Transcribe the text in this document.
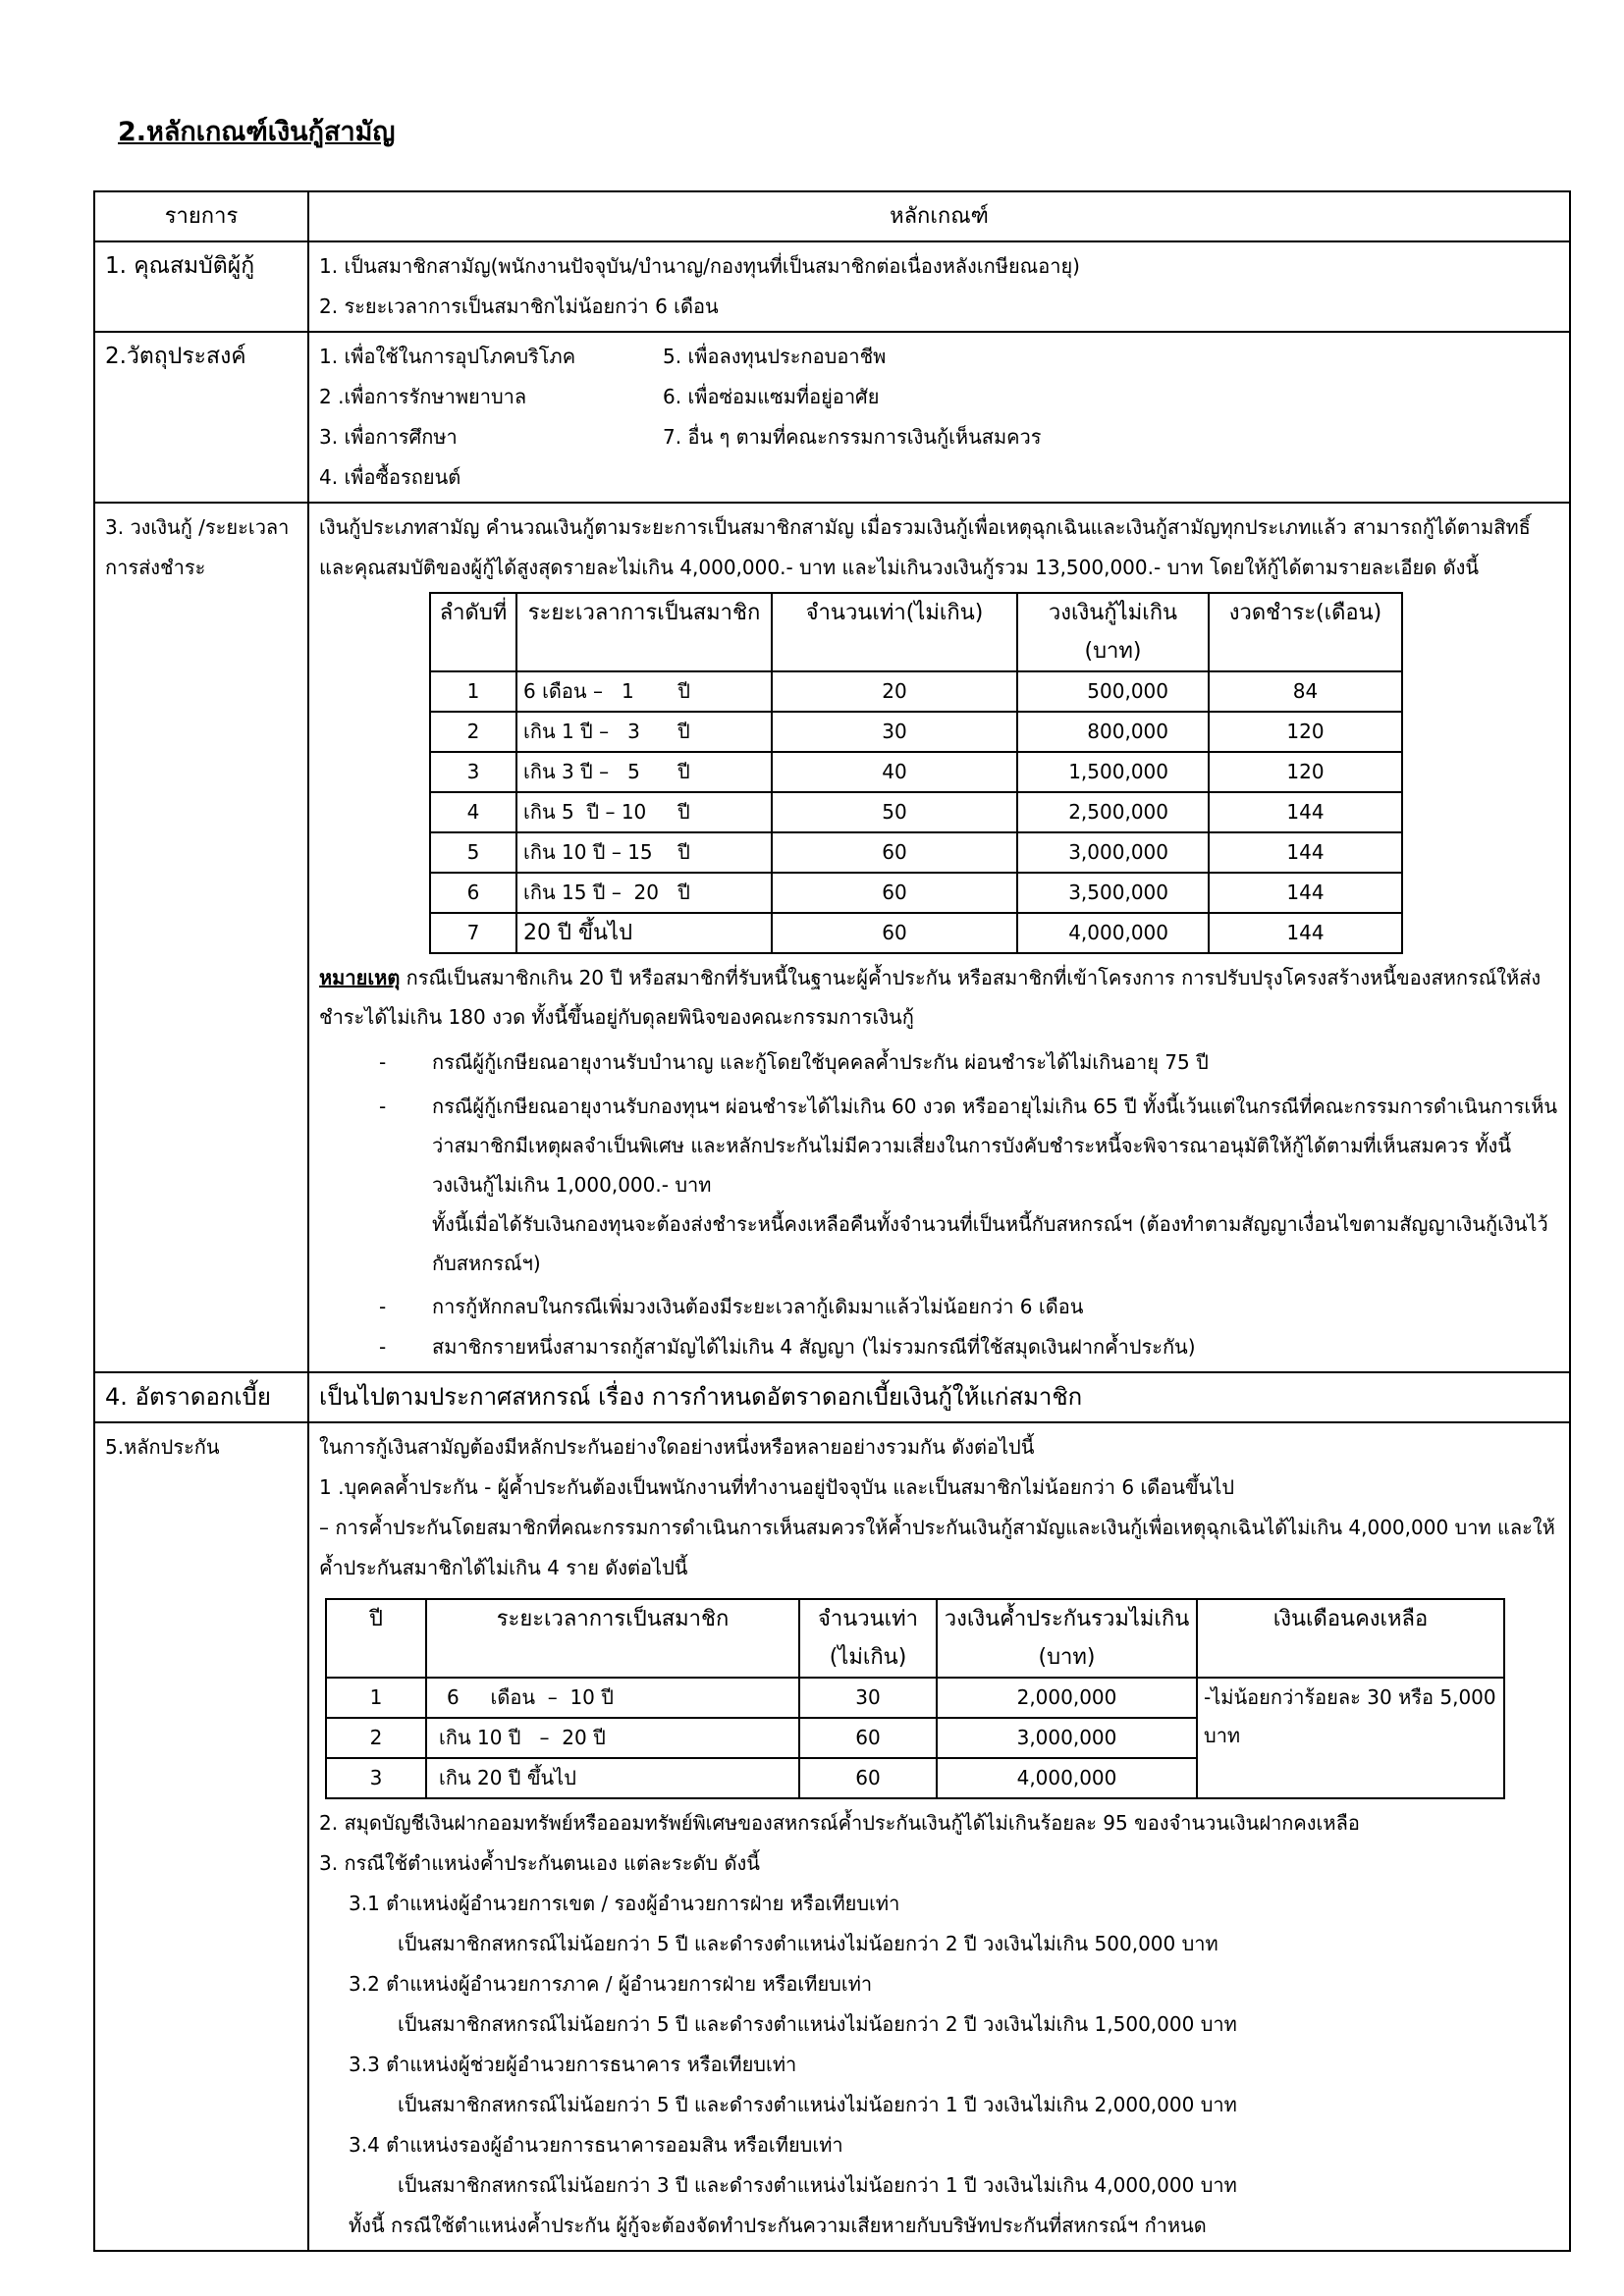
2.หลักเกณฑ์เงินกู้สามัญ
รายการ	หลักเกณฑ์
1. คุณสมบัติผู้กู้	1. เป็นสมาชิกสามัญ(พนักงานปัจจุบัน/บำนาญ/กองทุนที่เป็นสมาชิกต่อเนื่องหลังเกษียณอายุ)
2. ระยะเวลาการเป็นสมาชิกไม่น้อยกว่า 6 เดือน

2.วัตถุประสงค์	1. เพื่อใช้ในการอุปโภคบริโภค	5. เพื่อลงทุนประกอบอาชีพ
2 .เพื่อการรักษาพยาบาล	6. เพื่อซ่อมแซมที่อยู่อาศัย
3. เพื่อการศึกษา	7. อื่น ๆ ตามที่คณะกรรมการเงินกู้เห็นสมควร
4. เพื่อซื้อรถยนต์

3. วงเงินกู้ /ระยะเวลาการส่งชำระ	
เงินกู้ประเภทสามัญ คำนวณเงินกู้ตามระยะการเป็นสมาชิกสามัญ เมื่อรวมเงินกู้เพื่อเหตุฉุกเฉินและเงินกู้สามัญทุกประเภทแล้ว สามารถกู้ได้ตามสิทธิ์ และคุณสมบัติของผู้กู้ได้สูงสุดรายละไม่เกิน 4,000,000.- บาท และไม่เกินวงเงินกู้รวม 13,500,000.- บาท โดยให้กู้ได้ตามรายละเอียด ดังนี้
ลำดับที่	ระยะเวลาการเป็นสมาชิก	จำนวนเท่า(ไม่เกิน)	วงเงินกู้ไม่เกิน (บาท)	งวดชำระ(เดือน)
1	6 เดือน –   1       ปี	20	500,000	84
2	เกิน 1 ปี –   3      ปี	30	800,000	120
3	เกิน 3 ปี –   5      ปี	40	1,500,000	120
4	เกิน 5  ปี – 10     ปี	50	2,500,000	144
5	เกิน 10 ปี – 15    ปี	60	3,000,000	144
6	เกิน 15 ปี –  20   ปี	60	3,500,000	144
7	20 ปี ขึ้นไป	60	4,000,000	144
หมายเหตุ กรณีเป็นสมาชิกเกิน 20 ปี หรือสมาชิกที่รับหนี้ในฐานะผู้ค้ำประกัน หรือสมาชิกที่เข้าโครงการ การปรับปรุงโครงสร้างหนี้ของสหกรณ์ให้ส่งชำระได้ไม่เกิน 180 งวด ทั้งนี้ขึ้นอยู่กับดุลยพินิจของคณะกรรมการเงินกู้
-	กรณีผู้กู้เกษียณอายุงานรับบำนาญ และกู้โดยใช้บุคคลค้ำประกัน ผ่อนชำระได้ไม่เกินอายุ 75 ปี
-	กรณีผู้กู้เกษียณอายุงานรับกองทุนฯ ผ่อนชำระได้ไม่เกิน 60 งวด หรืออายุไม่เกิน 65 ปี ทั้งนี้เว้นแต่ในกรณีที่คณะกรรมการดำเนินการเห็นว่าสมาชิกมีเหตุผลจำเป็นพิเศษ และหลักประกันไม่มีความเสี่ยงในการบังคับชำระหนี้จะพิจารณาอนุมัติให้กู้ได้ตามที่เห็นสมควร ทั้งนี้ วงเงินกู้ไม่เกิน 1,000,000.- บาท
ทั้งนี้เมื่อได้รับเงินกองทุนจะต้องส่งชำระหนี้คงเหลือคืนทั้งจำนวนที่เป็นหนี้กับสหกรณ์ฯ (ต้องทำตามสัญญาเงื่อนไขตามสัญญาเงินกู้เงินไว้กับสหกรณ์ฯ)
-	การกู้หักกลบในกรณีเพิ่มวงเงินต้องมีระยะเวลากู้เดิมมาแล้วไม่น้อยกว่า 6 เดือน
-	สมาชิกรายหนึ่งสามารถกู้สามัญได้ไม่เกิน 4 สัญญา (ไม่รวมกรณีที่ใช้สมุดเงินฝากค้ำประกัน)

4. อัตราดอกเบี้ย	เป็นไปตามประกาศสหกรณ์ เรื่อง การกำหนดอัตราดอกเบี้ยเงินกู้ให้แก่สมาชิก
5.หลักประกัน	ในการกู้เงินสามัญต้องมีหลักประกันอย่างใดอย่างหนึ่งหรือหลายอย่างรวมกัน ดังต่อไปนี้
1 .บุคคลค้ำประกัน - ผู้ค้ำประกันต้องเป็นพนักงานที่ทำงานอยู่ปัจจุบัน และเป็นสมาชิกไม่น้อยกว่า 6 เดือนขึ้นไป
– การค้ำประกันโดยสมาชิกที่คณะกรรมการดำเนินการเห็นสมควรให้ค้ำประกันเงินกู้สามัญและเงินกู้เพื่อเหตุฉุกเฉินได้ไม่เกิน 4,000,000 บาท และให้ค้ำประกันสมาชิกได้ไม่เกิน 4 ราย ดังต่อไปนี้
ปี	ระยะเวลาการเป็นสมาชิก	จำนวนเท่า (ไม่เกิน)	วงเงินค้ำประกันรวมไม่เกิน (บาท)	เงินเดือนคงเหลือ
1	6     เดือน  –  10 ปี	30	2,000,000	-ไม่น้อยกว่าร้อยละ 30 หรือ 5,000 บาท
2	เกิน 10 ปี   –  20 ปี	60	3,000,000
3	เกิน 20 ปี ขึ้นไป	60	4,000,000
2. สมุดบัญชีเงินฝากออมทรัพย์หรือออมทรัพย์พิเศษของสหกรณ์ค้ำประกันเงินกู้ได้ไม่เกินร้อยละ 95 ของจำนวนเงินฝากคงเหลือ
3. กรณีใช้ตำแหน่งค้ำประกันตนเอง แต่ละระดับ ดังนี้
3.1 ตำแหน่งผู้อำนวยการเขต / รองผู้อำนวยการฝ่าย หรือเทียบเท่า
เป็นสมาชิกสหกรณ์ไม่น้อยกว่า 5 ปี และดำรงตำแหน่งไม่น้อยกว่า 2 ปี วงเงินไม่เกิน 500,000 บาท
3.2 ตำแหน่งผู้อำนวยการภาค / ผู้อำนวยการฝ่าย หรือเทียบเท่า
เป็นสมาชิกสหกรณ์ไม่น้อยกว่า 5 ปี และดำรงตำแหน่งไม่น้อยกว่า 2 ปี วงเงินไม่เกิน 1,500,000 บาท
3.3 ตำแหน่งผู้ช่วยผู้อำนวยการธนาคาร หรือเทียบเท่า
เป็นสมาชิกสหกรณ์ไม่น้อยกว่า 5 ปี และดำรงตำแหน่งไม่น้อยกว่า 1 ปี วงเงินไม่เกิน 2,000,000 บาท
3.4 ตำแหน่งรองผู้อำนวยการธนาคารออมสิน หรือเทียบเท่า
เป็นสมาชิกสหกรณ์ไม่น้อยกว่า 3 ปี และดำรงตำแหน่งไม่น้อยกว่า 1 ปี วงเงินไม่เกิน 4,000,000 บาท
ทั้งนี้ กรณีใช้ตำแหน่งค้ำประกัน ผู้กู้จะต้องจัดทำประกันความเสียหายกับบริษัทประกันที่สหกรณ์ฯ กำหนด
